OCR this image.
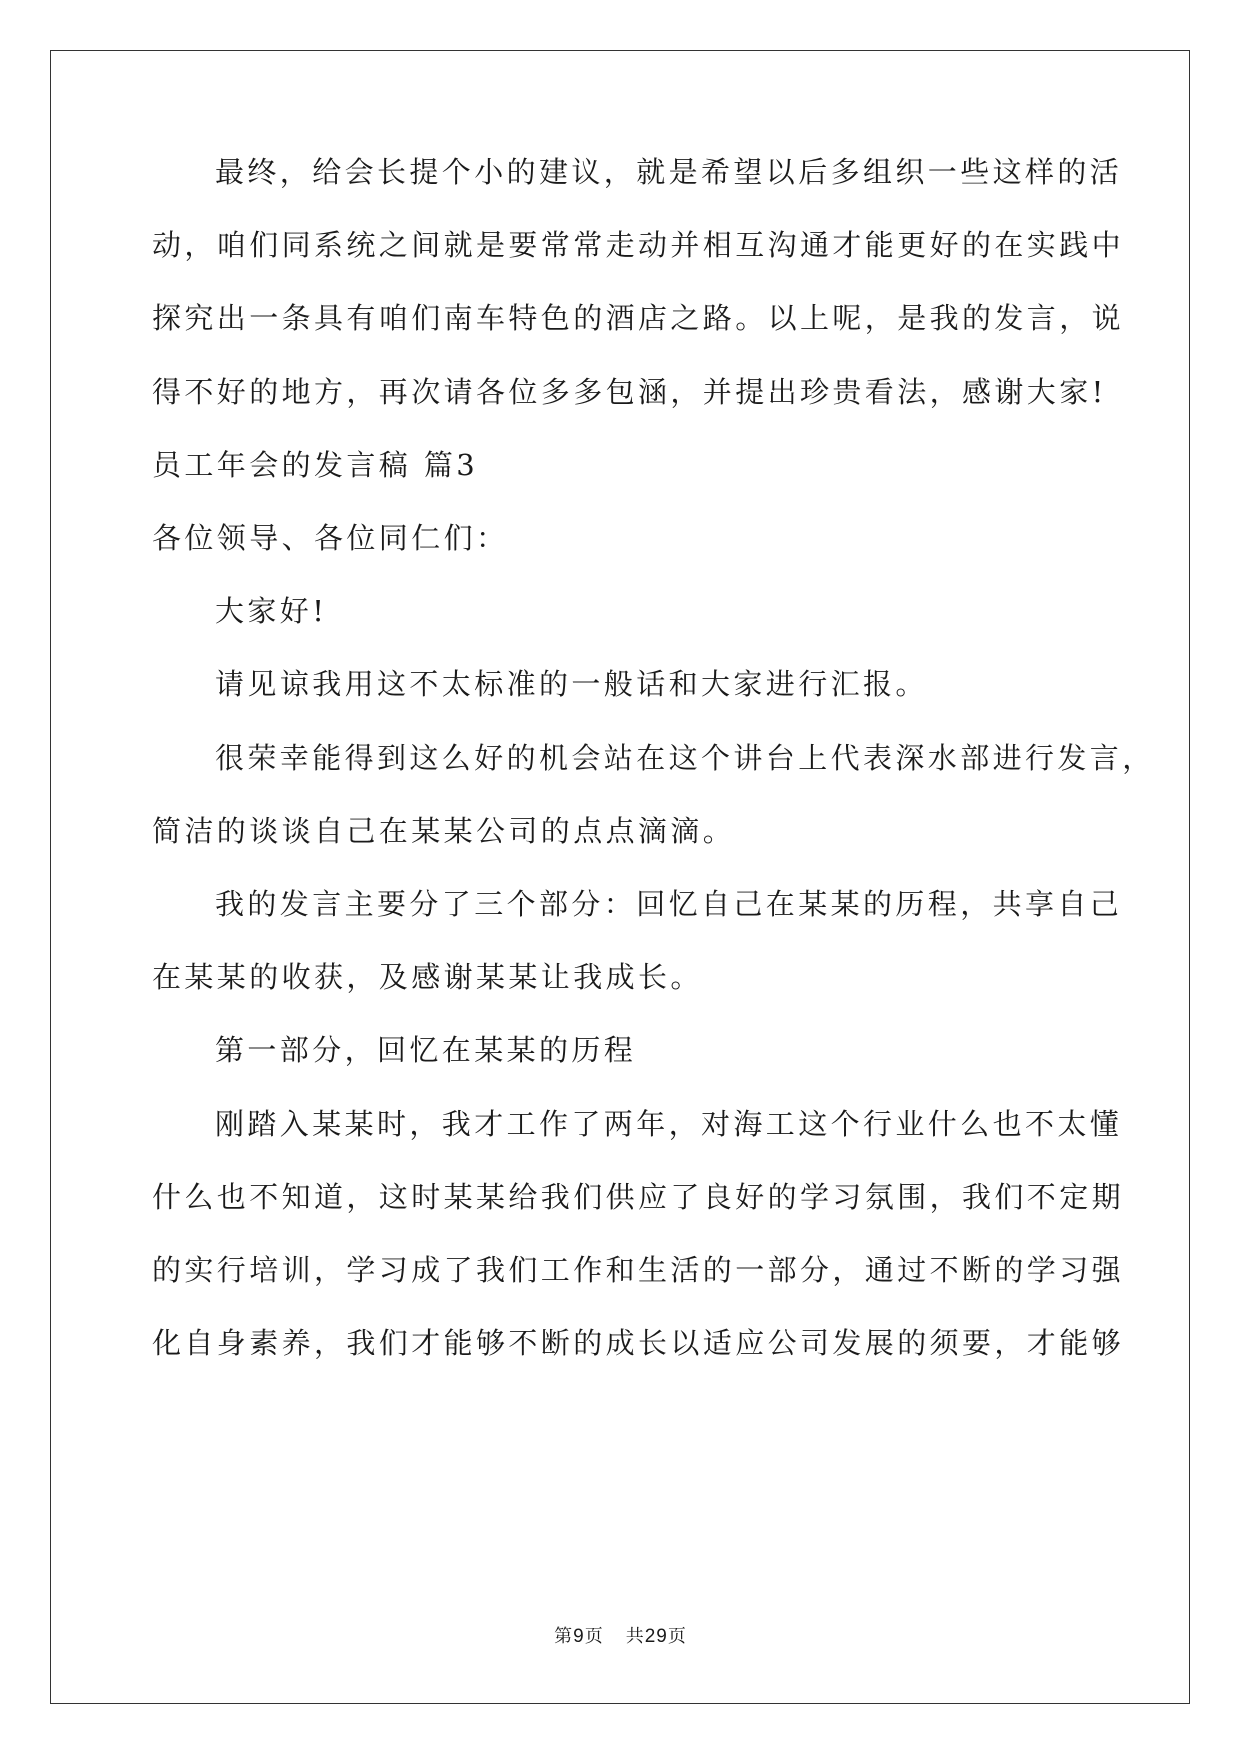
最终，给会长提个小的建议，就是希望以后多组织一些这样的活
动，咱们同系统之间就是要常常走动并相互沟通才能更好的在实践中
探究出一条具有咱们南车特色的酒店之路。以上呢，是我的发言，说
得不好的地方，再次请各位多多包涵，并提出珍贵看法，感谢大家!
员工年会的发言稿 篇3
各位领导、各位同仁们：
大家好!
请见谅我用这不太标准的一般话和大家进行汇报。
很荣幸能得到这么好的机会站在这个讲台上代表深水部进行发言，
简洁的谈谈自己在某某公司的点点滴滴。
我的发言主要分了三个部分：回忆自己在某某的历程，共享自己
在某某的收获，及感谢某某让我成长。
第一部分，回忆在某某的历程
刚踏入某某时，我才工作了两年，对海工这个行业什么也不太懂
什么也不知道，这时某某给我们供应了良好的学习氛围，我们不定期
的实行培训，学习成了我们工作和生活的一部分，通过不断的学习强
化自身素养，我们才能够不断的成长以适应公司发展的须要，才能够
第9页 共29页
